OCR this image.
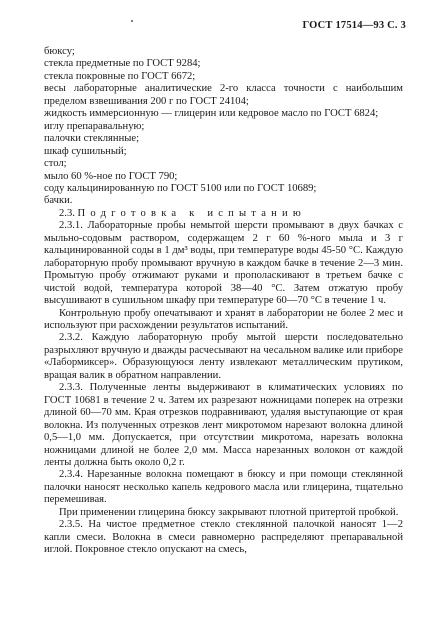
ГОСТ 17514—93 С. 3

бюксу;

стекла предметные по ГОСТ 9284;

стекла покровные по ГОСТ 6672;

весы лабораторные аналитические 2-го класса точности с наибольшим пределом взвешивания 200 г по ГОСТ 24104;

жидкость иммерсионную — глицерин или кедровое масло по ГОСТ 6824;

иглу препаравальную;

палочки стеклянные;

шкаф сушильный;

стол;

мыло 60 %-ное по ГОСТ 790;

соду кальцинированную по ГОСТ 5100 или по ГОСТ 10689;

бачки.

2.3. Подготовка к испытанию

2.3.1. Лабораторные пробы немытой шерсти промывают в двух бачках с мыльно-содовым раствором, содержащем 2 г 60 %-ного мыла и 3 г кальцинированной соды в 1 дм³ воды, при температуре воды 45-50 °С. Каждую лабораторную пробу промывают вручную в каждом бачке в течение 2—3 мин. Промытую пробу отжимают руками и прополаскивают в третьем бачке с чистой водой, температура которой 38—40 °С. Затем отжатую пробу высушивают в сушильном шкафу при температуре 60—70 °С в течение 1 ч.

Контрольную пробу опечатывают и хранят в лаборатории не более 2 мес и используют при расхождении результатов испытаний.

2.3.2. Каждую лабораторную пробу мытой шерсти последовательно разрыхляют вручную и дважды расчесывают на чесальном валике или приборе «Лабормиксер». Образующуюся ленту извлекают металлическим прутиком, вращая валик в обратном направлении.

2.3.3. Полученные ленты выдерживают в климатических условиях по ГОСТ 10681 в течение 2 ч. Затем их разрезают ножницами поперек на отрезки длиной 60—70 мм. Края отрезков подравнивают, удаляя выступающие от края волокна. Из полученных отрезков лент микротомом нарезают волокна длиной 0,5—1,0 мм. Допускается, при отсутствии микротома, нарезать волокна ножницами длиной не более 2,0 мм. Масса нарезанных волокон от каждой ленты должна быть около 0,2 г.

2.3.4. Нарезанные волокна помещают в бюксу и при помощи стеклянной палочки наносят несколько капель кедрового масла или глицерина, тщательно перемешивая.

При применении глицерина бюксу закрывают плотной притертой пробкой.

2.3.5. На чистое предметное стекло стеклянной палочкой наносят 1—2 капли смеси. Волокна в смеси равномерно распределяют препаравальной иглой. Покровное стекло опускают на смесь,
